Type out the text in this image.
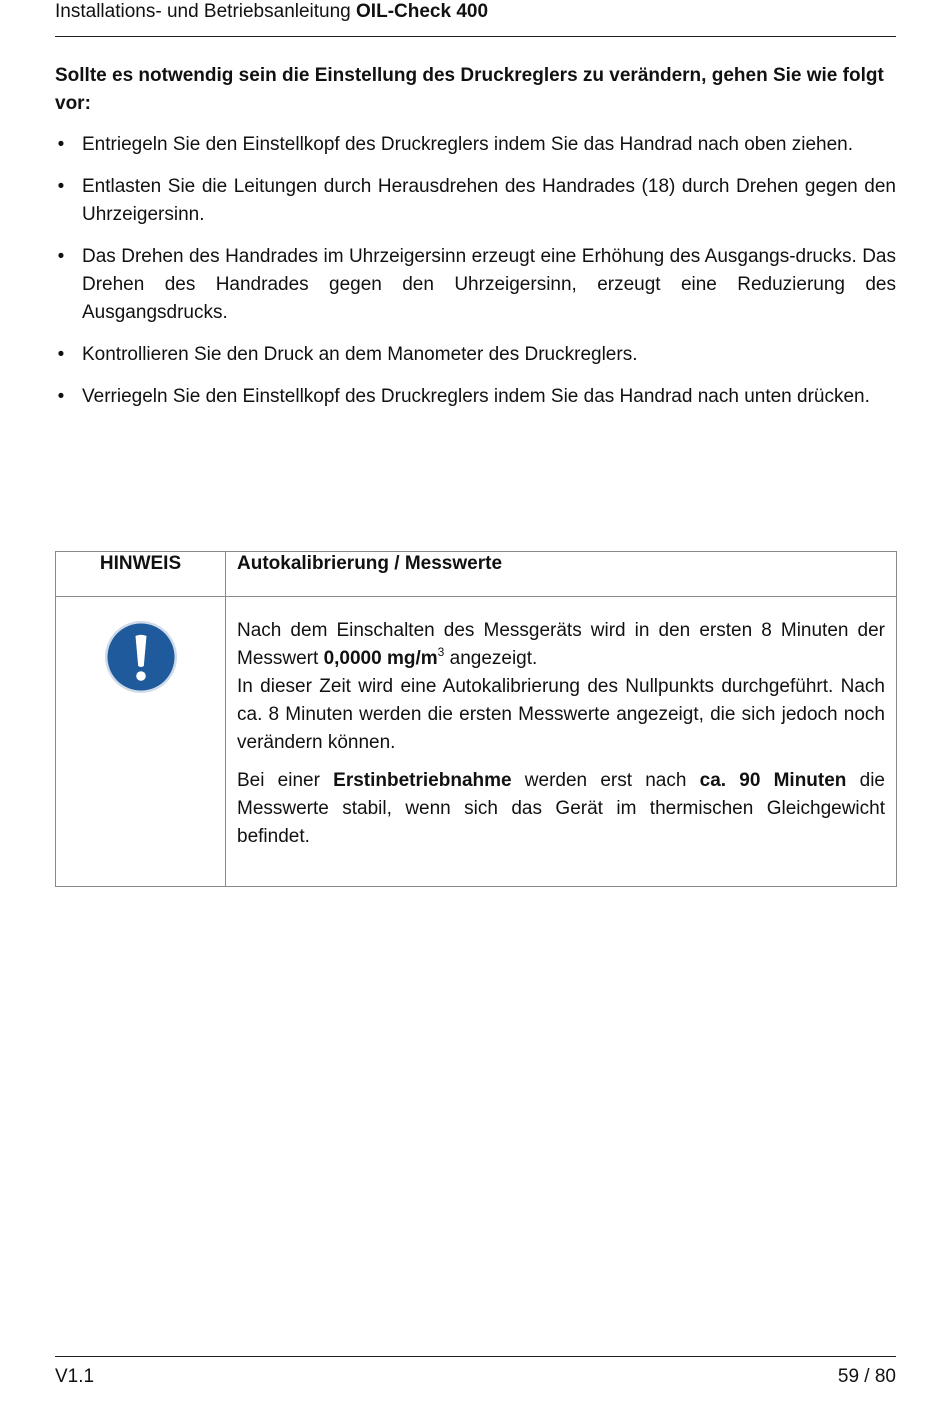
Installations- und Betriebsanleitung OIL-Check 400
Sollte es notwendig sein die Einstellung des Druckreglers zu verändern, gehen Sie wie folgt vor:
• Entriegeln Sie den Einstellkopf des Druckreglers indem Sie das Handrad nach oben ziehen.
• Entlasten Sie die Leitungen durch Herausdrehen des Handrades (18) durch Drehen gegen den Uhrzeigersinn.
• Das Drehen des Handrades im Uhrzeigersinn erzeugt eine Erhöhung des Ausgangs-drucks. Das Drehen des Handrades gegen den Uhrzeigersinn, erzeugt eine Reduzierung des Ausgangsdrucks.
• Kontrollieren Sie den Druck an dem Manometer des Druckreglers.
• Verriegeln Sie den Einstellkopf des Druckreglers indem Sie das Handrad nach unten drücken.
HINWEIS	Autokalibrierung / Messwerte

Nach dem Einschalten des Messgeräts wird in den ersten 8 Minuten der Messwert 0,0000 $mg/m^3$ angezeigt.
In dieser Zeit wird eine Autokalibrierung des Nullpunkts durchgeführt. Nach ca. 8 Minuten werden die ersten Messwerte angezeigt, die sich jedoch noch verändern können.

Bei einer Erstinbetriebnahme werden erst nach ca. 90 Minuten die Messwerte stabil, wenn sich das Gerät im thermischen Gleichgewicht befindet.

V1.1	59 / 80
